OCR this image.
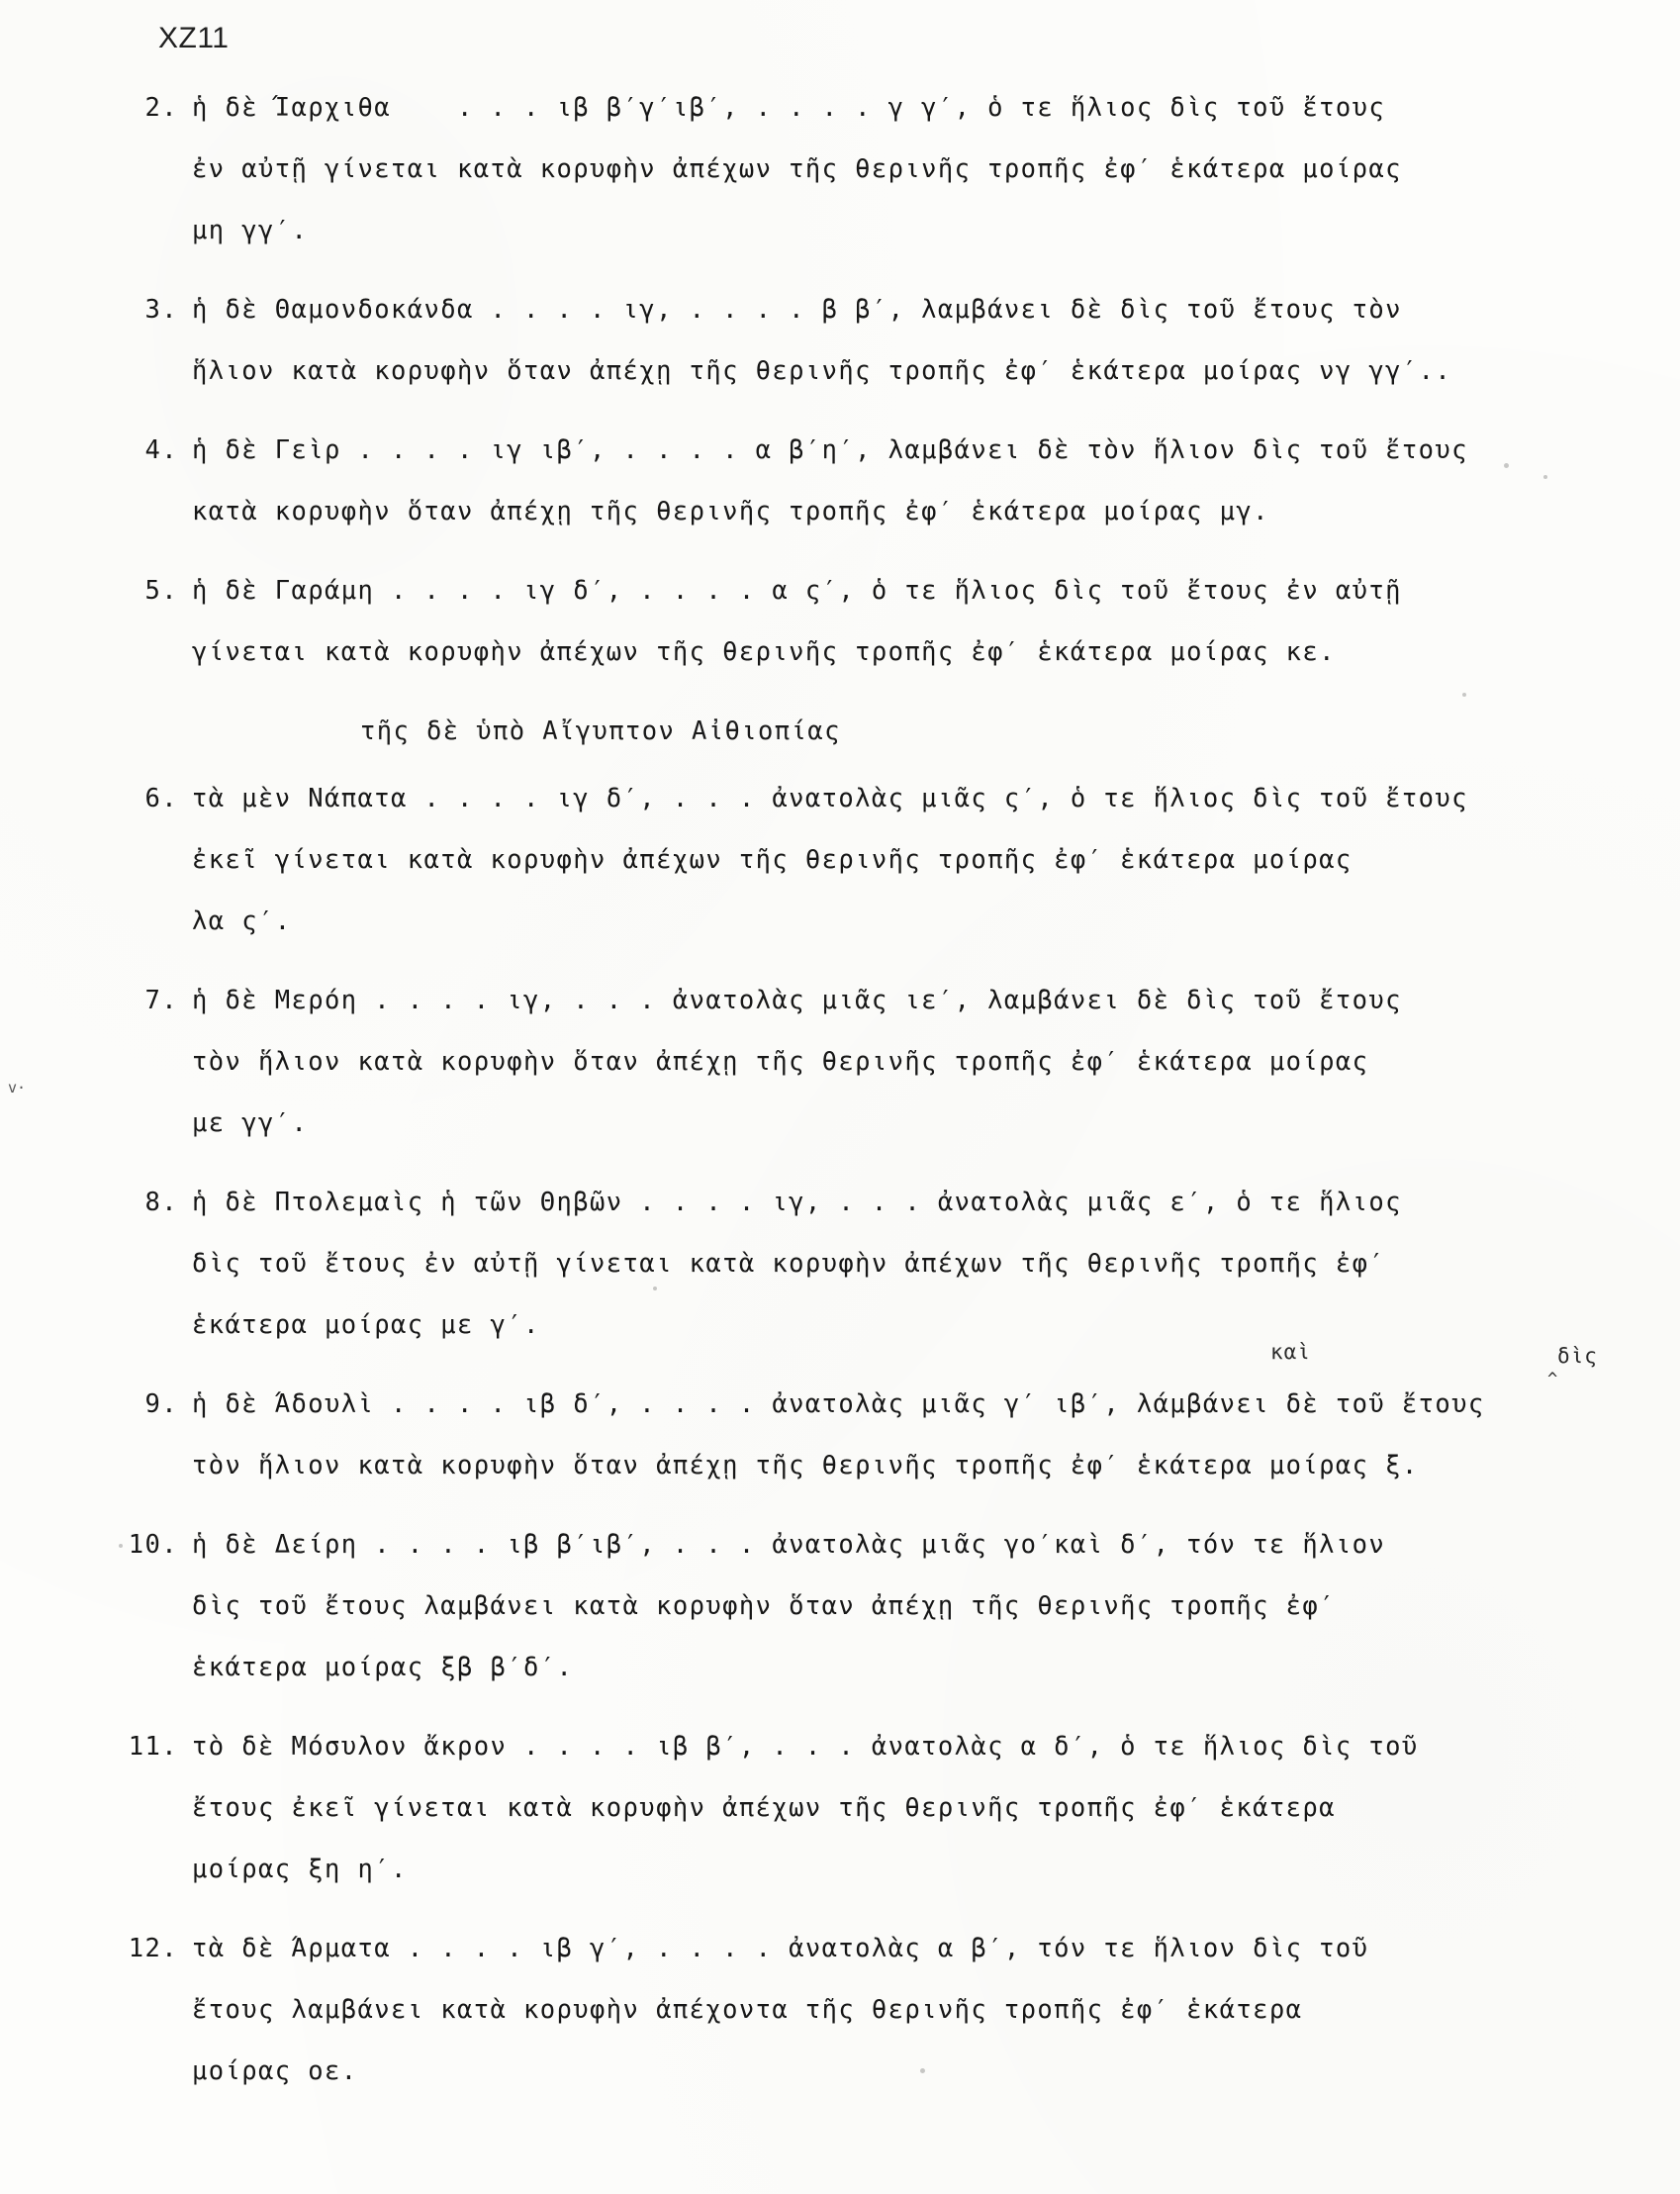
XZ11
v·
2. ἡ δὲ Ίαρχιθα    . . . ιβ β′γ′ιβ′, . . . . γ γ′, ὁ τε ἥλιος δὶς τοῦ ἔτους
ἐν αὐτῇ γίνεται κατὰ κορυφὴν ἀπέχων τῆς θερινῆς τροπῆς ἐφ′ ἑκάτερα μοίρας
μη γγ′.
3. ἡ δὲ Θαμονδοκάνδα . . . . ιγ, . . . . β β′, λαμβάνει δὲ δὶς τοῦ ἔτους τὸν
ἥλιον κατὰ κορυφὴν ὅταν ἀπέχῃ τῆς θερινῆς τροπῆς ἐφ′ ἑκάτερα μοίρας νγ γγ′..
4. ἡ δὲ Γεὶρ . . . . ιγ ιβ′, . . . . α β′η′, λαμβάνει δὲ τὸν ἥλιον δὶς τοῦ ἔτους
κατὰ κορυφὴν ὅταν ἀπέχῃ τῆς θερινῆς τροπῆς ἐφ′ ἑκάτερα μοίρας μγ.
5. ἡ δὲ Γαράμη . . . . ιγ δ′, . . . . α ς′, ὁ τε ἥλιος δὶς τοῦ ἔτους ἐν αὐτῇ
γίνεται κατὰ κορυφὴν ἀπέχων τῆς θερινῆς τροπῆς ἐφ′ ἑκάτερα μοίρας κε.
τῆς δὲ ὑπὸ Αἴγυπτον Αἰθιοπίας
6. τὰ μὲν Νάπατα . . . . ιγ δ′, . . . ἀνατολὰς μιᾶς ς′, ὁ τε ἥλιος δὶς τοῦ ἔτους
ἐκεῖ γίνεται κατὰ κορυφὴν ἀπέχων τῆς θερινῆς τροπῆς ἐφ′ ἑκάτερα μοίρας
λα ς′.
7. ἡ δὲ Μερόη . . . . ιγ, . . . ἀνατολὰς μιᾶς ιε′, λαμβάνει δὲ δὶς τοῦ ἔτους
τὸν ἥλιον κατὰ κορυφὴν ὅταν ἀπέχῃ τῆς θερινῆς τροπῆς ἐφ′ ἑκάτερα μοίρας
με γγ′.
8. ἡ δὲ Πτολεμαὶς ἡ τῶν Θηβῶν . . . . ιγ, . . . ἀνατολὰς μιᾶς ε′, ὁ τε ἥλιος
δὶς τοῦ ἔτους ἐν αὐτῇ γίνεται κατὰ κορυφὴν ἀπέχων τῆς θερινῆς τροπῆς ἐφ′
ἑκάτερα μοίρας με γ′.
καὶ	δὶς
^
9. ἡ δὲ Άδουλὶ . . . . ιβ δ′, . . . . ἀνατολὰς μιᾶς γ′ ιβ′, λάμβάνει δὲ τοῦ ἔτους
τὸν ἥλιον κατὰ κορυφὴν ὅταν ἀπέχῃ τῆς θερινῆς τροπῆς ἐφ′ ἑκάτερα μοίρας ξ.
10. ἡ δὲ Δείρη . . . . ιβ β′ιβ′, . . . ἀνατολὰς μιᾶς γο′καὶ δ′, τόν τε ἥλιον
δὶς τοῦ ἔτους λαμβάνει κατὰ κορυφὴν ὅταν ἀπέχῃ τῆς θερινῆς τροπῆς ἐφ′
ἑκάτερα μοίρας ξβ β′δ′.
11. τὸ δὲ Μόσυλον ἄκρον . . . . ιβ β′, . . . ἀνατολὰς α δ′, ὁ τε ἥλιος δὶς τοῦ
ἔτους ἐκεῖ γίνεται κατὰ κορυφὴν ἀπέχων τῆς θερινῆς τροπῆς ἐφ′ ἑκάτερα
μοίρας ξη η′.
12. τὰ δὲ Άρματα . . . . ιβ γ′, . . . . ἀνατολὰς α β′, τόν τε ἥλιον δὶς τοῦ
ἔτους λαμβάνει κατὰ κορυφὴν ἀπέχοντα τῆς θερινῆς τροπῆς ἐφ′ ἑκάτερα
μοίρας οε.
